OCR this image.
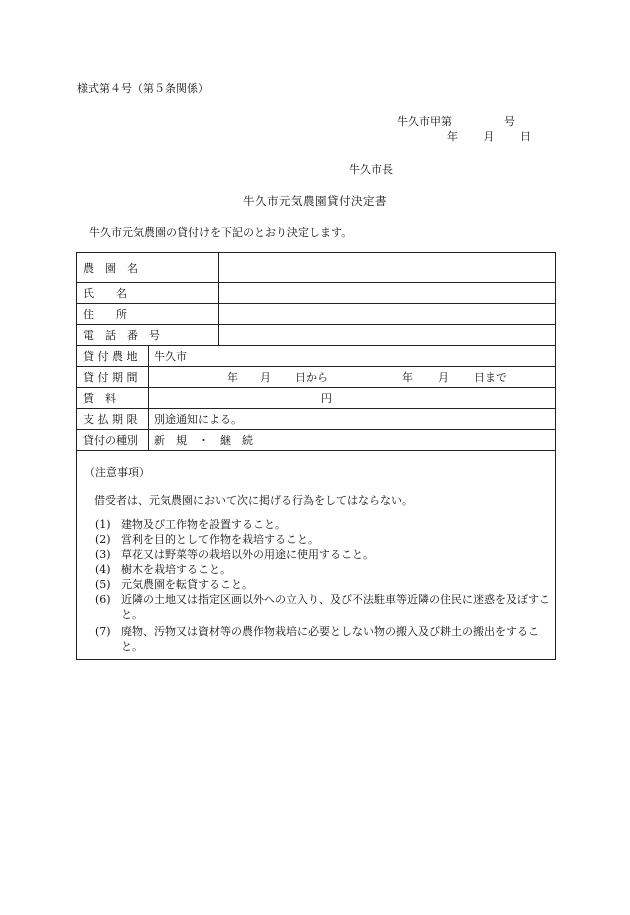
様式第４号（第５条関係）
牛久市甲第	号
年 月 日
牛久市長
牛久市元気農園貸付決定書
牛久市元気農園の貸付けを下記のとおり決定します。
農　園　名
氏　　名
住　　所
電　話　番　号
貸 付 農 地 牛久市
貸 付 期 間	年 月 日から	年 月 日まで
賃　料	円
支 払 期 限 別途通知による。
貸付の種別 新　規　・　継　続
（注意事項）
借受者は、元気農園において次に掲げる行為をしてはならない。
(1) 建物及び工作物を設置すること。
(2) 営利を目的として作物を栽培すること。
(3) 草花又は野菜等の栽培以外の用途に使用すること。
(4) 樹木を栽培すること。
(5) 元気農園を転貸すること。
(6) 近隣の土地又は指定区画以外への立入り、及び不法駐車等近隣の住民に迷惑を及ぼすこと。
(7) 廃物、汚物又は資材等の農作物栽培に必要としない物の搬入及び耕土の搬出をすること。
